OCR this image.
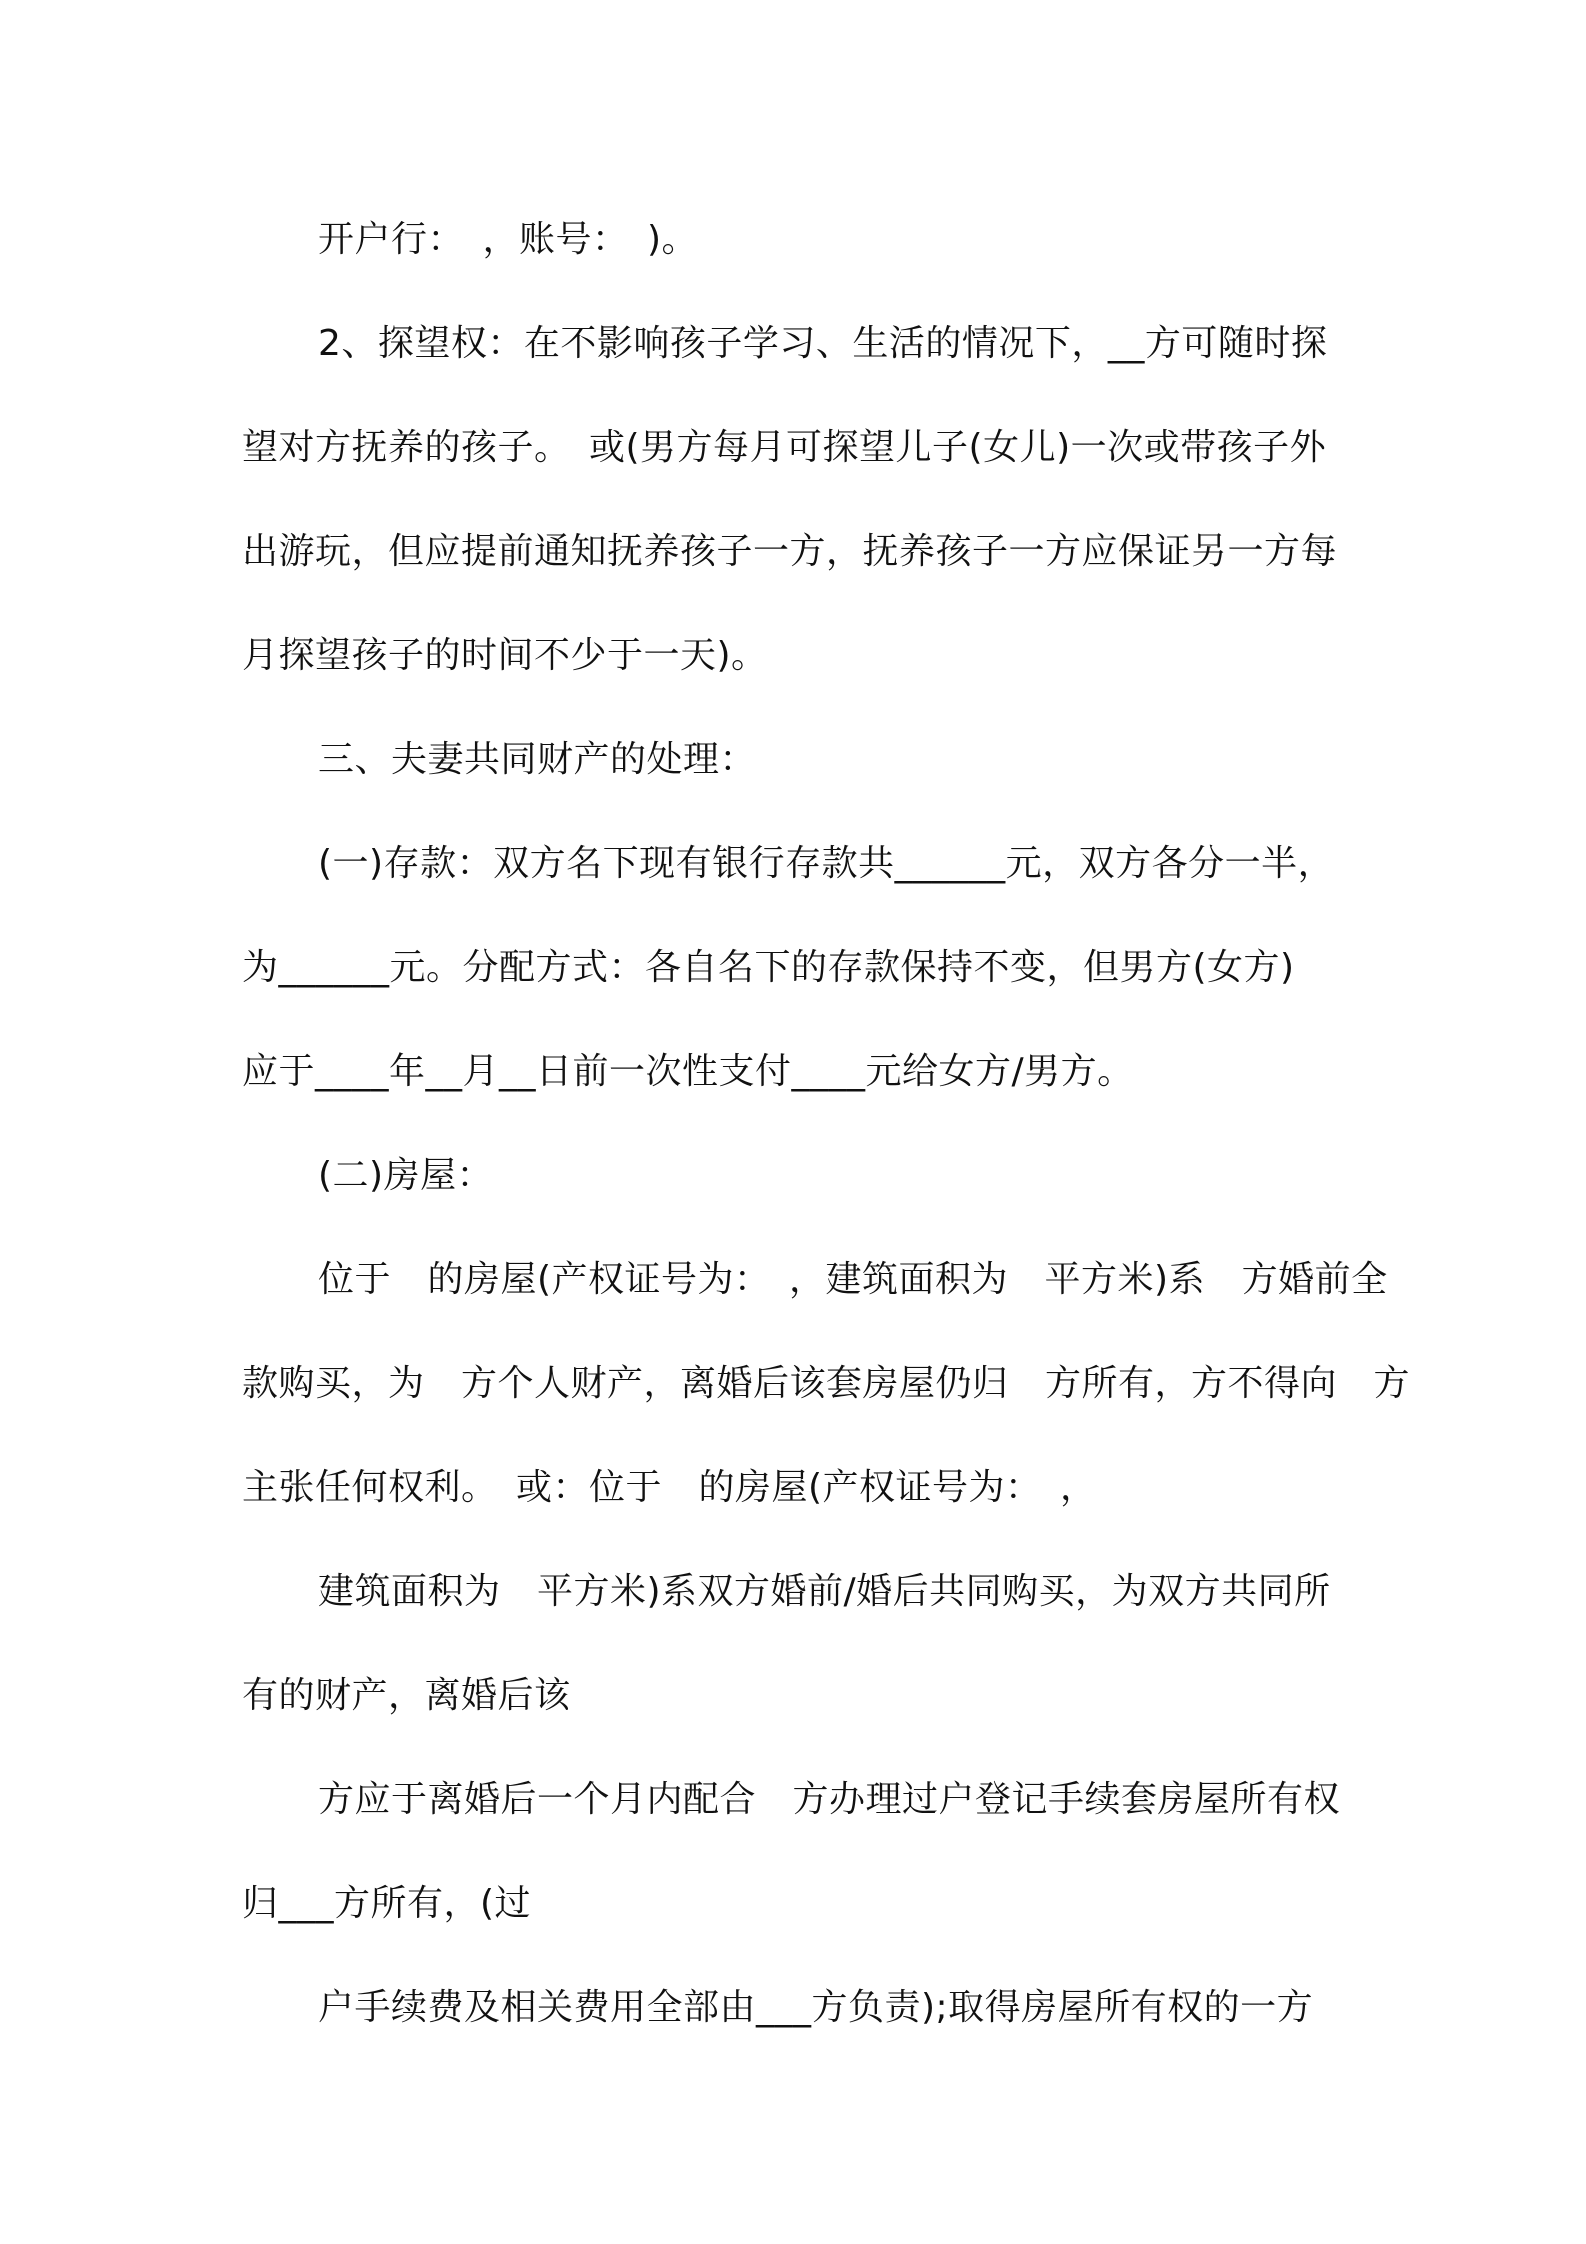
开户行：　，账号：　)。
2、探望权：在不影响孩子学习、生活的情况下，__方可随时探
望对方抚养的孩子。　或(男方每月可探望儿子(女儿)一次或带孩子外
出游玩，但应提前通知抚养孩子一方，抚养孩子一方应保证另一方每
月探望孩子的时间不少于一天)。
三、夫妻共同财产的处理：
(一)存款：双方名下现有银行存款共______元，双方各分一半，
为______元。分配方式：各自名下的存款保持不变，但男方(女方)
应于____年__月__日前一次性支付____元给女方/男方。
(二)房屋：
位于　的房屋(产权证号为：　，建筑面积为　平方米)系　方婚前全
款购买，为　方个人财产，离婚后该套房屋仍归　方所有，方不得向　方
主张任何权利。　或：位于　的房屋(产权证号为：　，
建筑面积为　平方米)系双方婚前/婚后共同购买，为双方共同所
有的财产，离婚后该
方应于离婚后一个月内配合　方办理过户登记手续套房屋所有权
归___方所有，(过
户手续费及相关费用全部由___方负责);取得房屋所有权的一方
